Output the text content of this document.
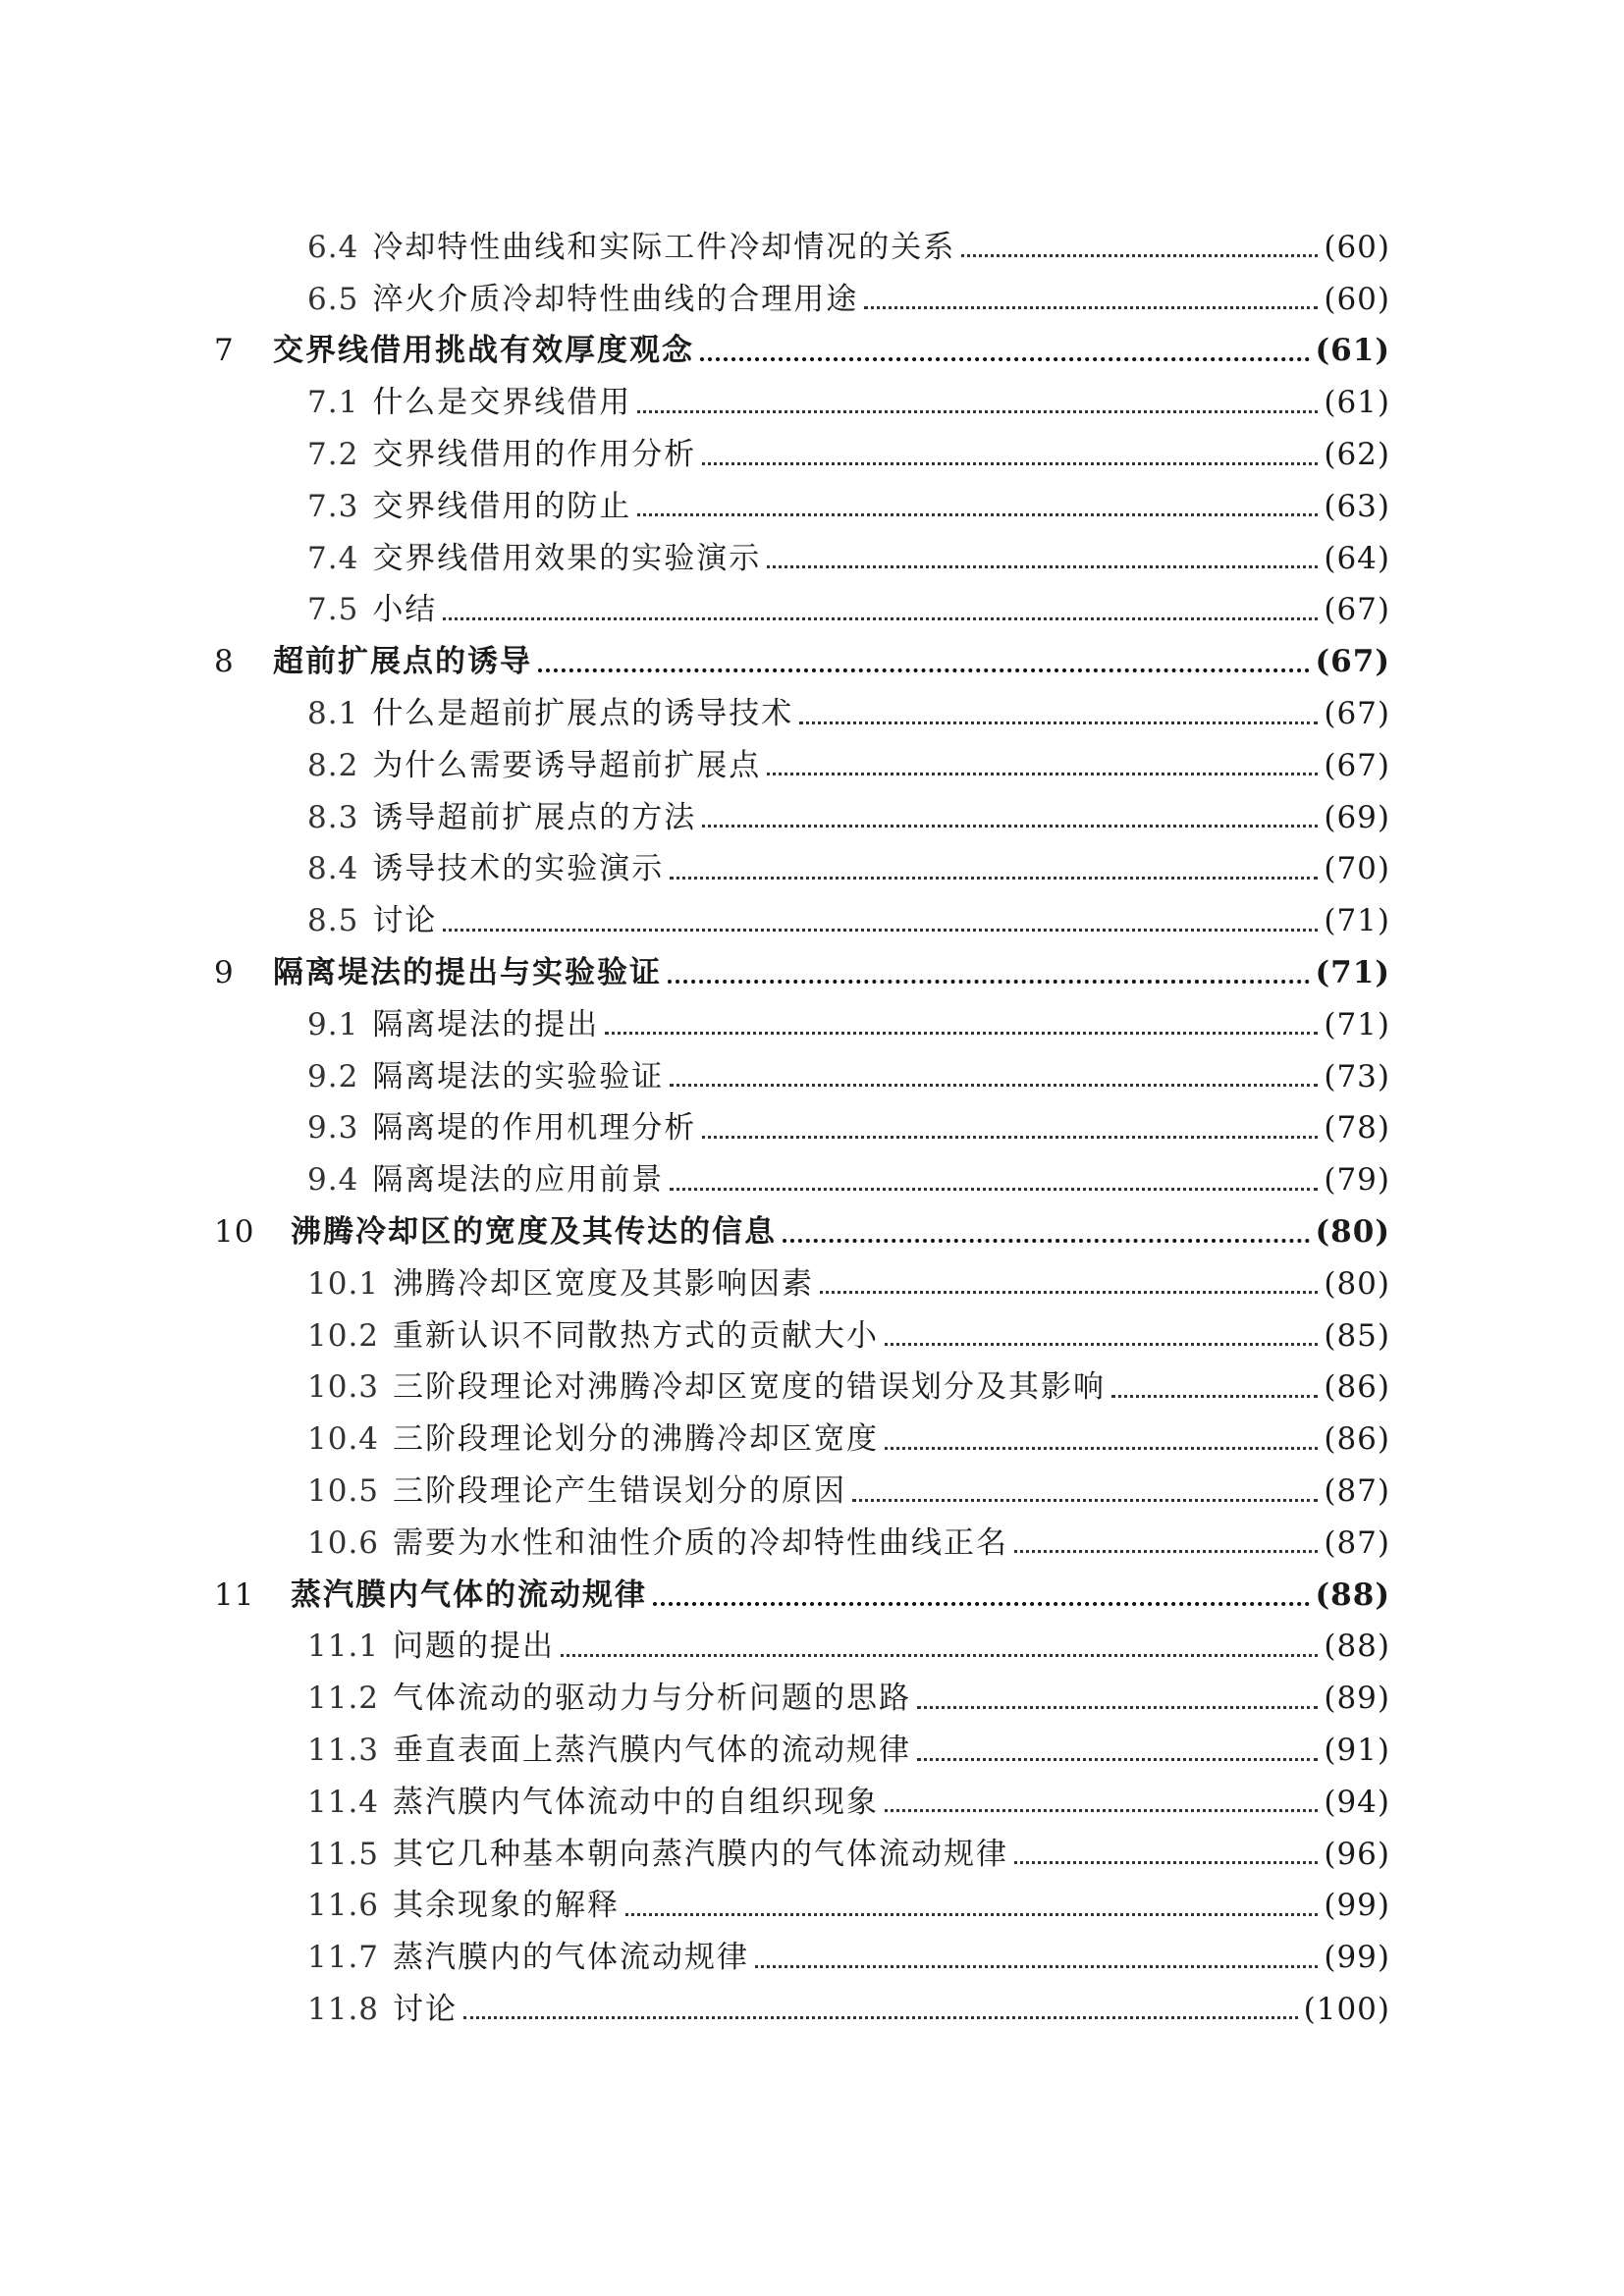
6.4 冷却特性曲线和实际工件冷却情况的关系	(60)
6.5 淬火介质冷却特性曲线的合理用途	(60)
7	交界线借用挑战有效厚度观念	(61)
7.1 什么是交界线借用	(61)
7.2 交界线借用的作用分析	(62)
7.3 交界线借用的防止	(63)
7.4 交界线借用效果的实验演示	(64)
7.5 小结	(67)
8	超前扩展点的诱导	(67)
8.1 什么是超前扩展点的诱导技术	(67)
8.2 为什么需要诱导超前扩展点	(67)
8.3 诱导超前扩展点的方法	(69)
8.4 诱导技术的实验演示	(70)
8.5 讨论	(71)
9	隔离堤法的提出与实验验证	(71)
9.1 隔离堤法的提出	(71)
9.2 隔离堤法的实验验证	(73)
9.3 隔离堤的作用机理分析	(78)
9.4 隔离堤法的应用前景	(79)
10	沸腾冷却区的宽度及其传达的信息	(80)
10.1 沸腾冷却区宽度及其影响因素	(80)
10.2 重新认识不同散热方式的贡献大小	(85)
10.3 三阶段理论对沸腾冷却区宽度的错误划分及其影响	(86)
10.4 三阶段理论划分的沸腾冷却区宽度	(86)
10.5 三阶段理论产生错误划分的原因	(87)
10.6 需要为水性和油性介质的冷却特性曲线正名	(87)
11	蒸汽膜内气体的流动规律	(88)
11.1 问题的提出	(88)
11.2 气体流动的驱动力与分析问题的思路	(89)
11.3 垂直表面上蒸汽膜内气体的流动规律	(91)
11.4 蒸汽膜内气体流动中的自组织现象	(94)
11.5 其它几种基本朝向蒸汽膜内的气体流动规律	(96)
11.6 其余现象的解释	(99)
11.7 蒸汽膜内的气体流动规律	(99)
11.8 讨论	(100)
